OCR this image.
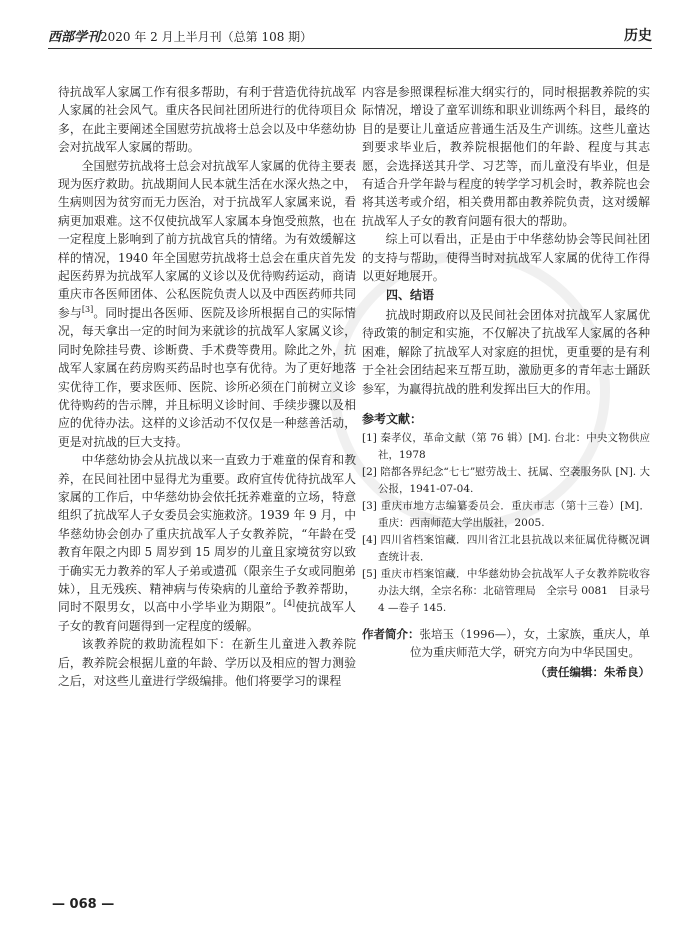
西部学刊2020 年 2 月上半月刊（总第 108 期）	历史

待抗战军人家属工作有很多帮助，有利于营造优待抗战军人家属的社会风气。重庆各民间社团所进行的优待项目众多，在此主要阐述全国慰劳抗战将士总会以及中华慈幼协会对抗战军人家属的帮助。

全国慰劳抗战将士总会对抗战军人家属的优待主要表现为医疗救助。抗战期间人民本就生活在水深火热之中，生病则因为贫穷而无力医治，对于抗战军人家属来说，看病更加艰难。这不仅使抗战军人家属本身饱受煎熬，也在一定程度上影响到了前方抗战官兵的情绪。为有效缓解这样的情况，1940 年全国慰劳抗战将士总会在重庆首先发起医药界为抗战军人家属的义诊以及优待购药运动，商请重庆市各医师团体、公私医院负责人以及中西医药师共同参与[3]。同时提出各医师、医院及诊所根据自己的实际情况，每天拿出一定的时间为来就诊的抗战军人家属义诊，同时免除挂号费、诊断费、手术费等费用。除此之外，抗战军人家属在药房购买药品时也享有优待。为了更好地落实优待工作，要求医师、医院、诊所必须在门前树立义诊优待购药的告示牌，并且标明义诊时间、手续步骤以及相应的优待办法。这样的义诊活动不仅仅是一种慈善活动，更是对抗战的巨大支持。

中华慈幼协会从抗战以来一直致力于难童的保育和教养，在民间社团中显得尤为重要。政府宣传优待抗战军人家属的工作后，中华慈幼协会依托抚养难童的立场，特意组织了抗战军人子女委员会实施救济。1939 年 9 月，中华慈幼协会创办了重庆抗战军人子女教养院，“年龄在受教育年限之内即 5 周岁到 15 周岁的儿童且家境贫穷以致于确实无力教养的军人子弟或遗孤（限亲生子女或同胞弟妹），且无残疾、精神病与传染病的儿童给予教养帮助，同时不限男女，以高中小学毕业为期限”。[4]使抗战军人子女的教育问题得到一定程度的缓解。

该教养院的救助流程如下：在新生儿童进入教养院后，教养院会根据儿童的年龄、学历以及相应的智力测验之后，对这些儿童进行学级编排。他们将要学习的课程

内容是参照课程标准大纲实行的，同时根据教养院的实际情况，增设了童军训练和职业训练两个科目，最终的目的是要让儿童适应普通生活及生产训练。这些儿童达到要求毕业后，教养院根据他们的年龄、程度与其志愿，会选择送其升学、习艺等，而儿童没有毕业，但是有适合升学年龄与程度的转学学习机会时，教养院也会将其送考或介绍，相关费用都由教养院负责，这对缓解抗战军人子女的教育问题有很大的帮助。

综上可以看出，正是由于中华慈幼协会等民间社团的支持与帮助，使得当时对抗战军人家属的优待工作得以更好地展开。

四、结语

抗战时期政府以及民间社会团体对抗战军人家属优待政策的制定和实施，不仅解决了抗战军人家属的各种困难，解除了抗战军人对家庭的担忧，更重要的是有利于全社会团结起来互帮互助，激励更多的青年志士踊跃参军，为赢得抗战的胜利发挥出巨大的作用。

参考文献：
[1] 秦孝仪，革命文献（第 76 辑）[M]. 台北：中央文物供应社，1978
[2] 陪都各界纪念“七七”慰劳战士、抚属、空袭服务队 [N]. 大公报，1941-07-04.
[3] 重庆市地方志编纂委员会．重庆市志（第十三卷）[M]．重庆：西南师范大学出版社，2005.
[4] 四川省档案馆藏．四川省江北县抗战以来征属优待概况调查统计表．
[5] 重庆市档案馆藏．中华慈幼协会抗战军人子女教养院收容办法大纲，全宗名称：北碚管理局　全宗号 0081　目录号 4 —卷子 145.
作者简介：张培玉（1996—），女，土家族，重庆人，单位为重庆师范大学，研究方向为中华民国史。
（责任编辑：朱希良）
— 068 —
